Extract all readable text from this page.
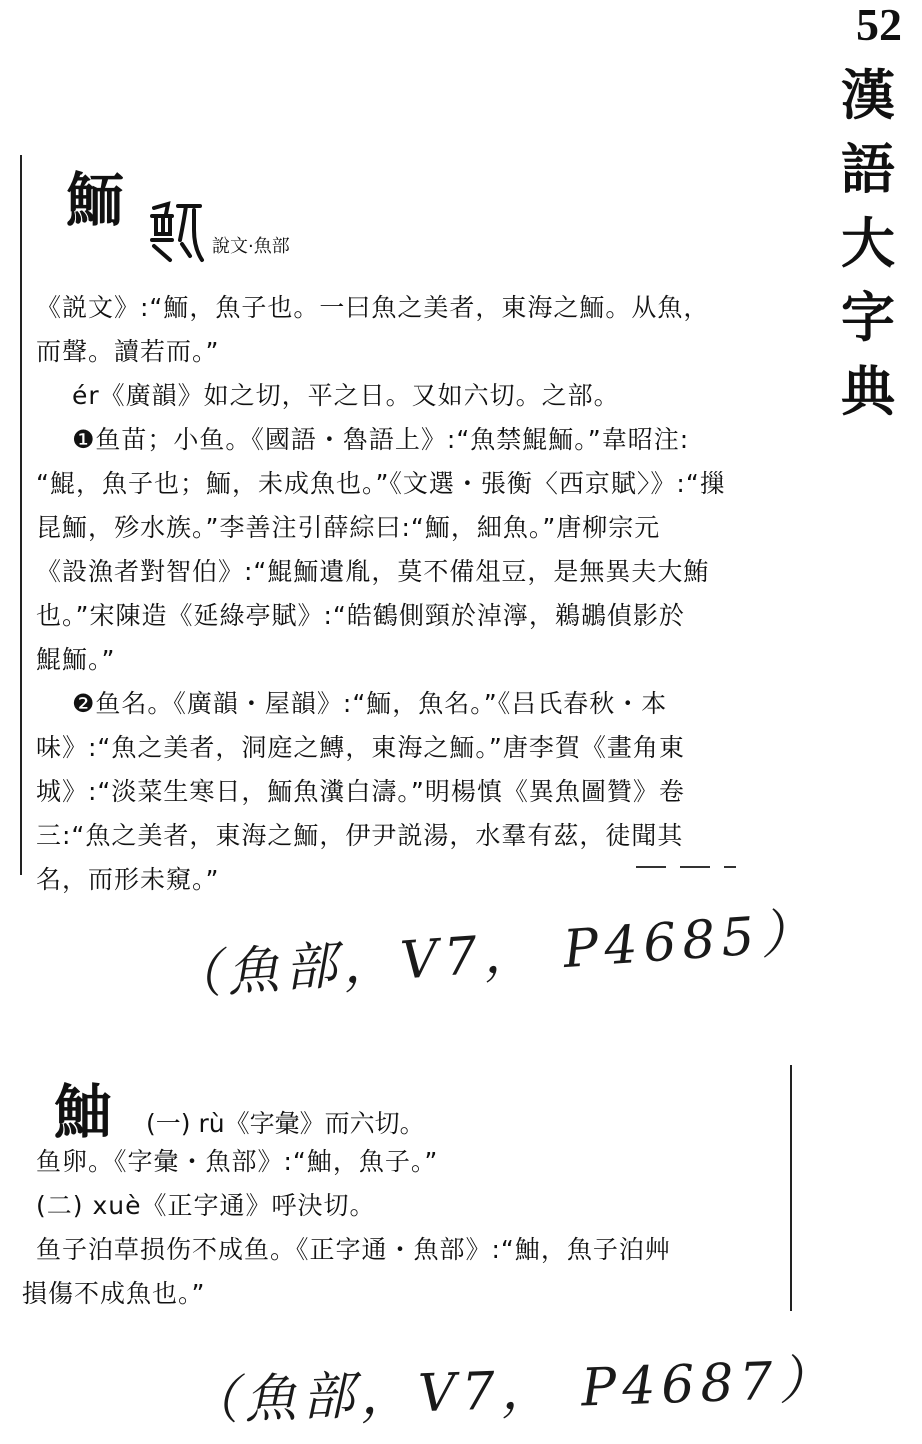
52
漢
語
大
字
典
鮞
說文·魚部
《説文》:“鮞，魚子也。一曰魚之美者，東海之鮞。从魚，
而聲。讀若而。”
ér《廣韻》如之切，平之日。又如六切。之部。
❶鱼苗；小鱼。《國語・魯語上》:“魚禁鯤鮞。”韋昭注:
“鯤，魚子也；鮞，未成魚也。”《文選・張衡〈西京賦〉》:“摷
昆鮞，殄水族。”李善注引薛綜曰:“鮞，細魚。”唐柳宗元
《設漁者對智伯》:“鯤鮞遺胤，莫不備俎豆，是無異夫大鮪
也。”宋陳造《延綠亭賦》:“皓鶴側頸於淖濘，鵜鶘偵影於
鯤鮞。”
❷鱼名。《廣韻・屋韻》:“鮞，魚名。”《吕氏春秋・本
味》:“魚之美者，洞庭之鱄，東海之鮞。”唐李賀《畫角東
城》:“淡菜生寒日，鮞魚瀵白濤。”明楊慎《異魚圖贊》卷
三:“魚之美者，東海之鮞，伊尹説湯，水羣有茲，徒聞其
名，而形未窺。”
（魚部，V7， P4685）
鮋 (一) rù《字彙》而六切。
鱼卵。《字彙・魚部》:“鮋，魚子。”
(二) xuè《正字通》呼決切。
鱼子泊草损伤不成鱼。《正字通・魚部》:“鮋，魚子泊艸
損傷不成魚也。”
（魚部，V7， P4687）
